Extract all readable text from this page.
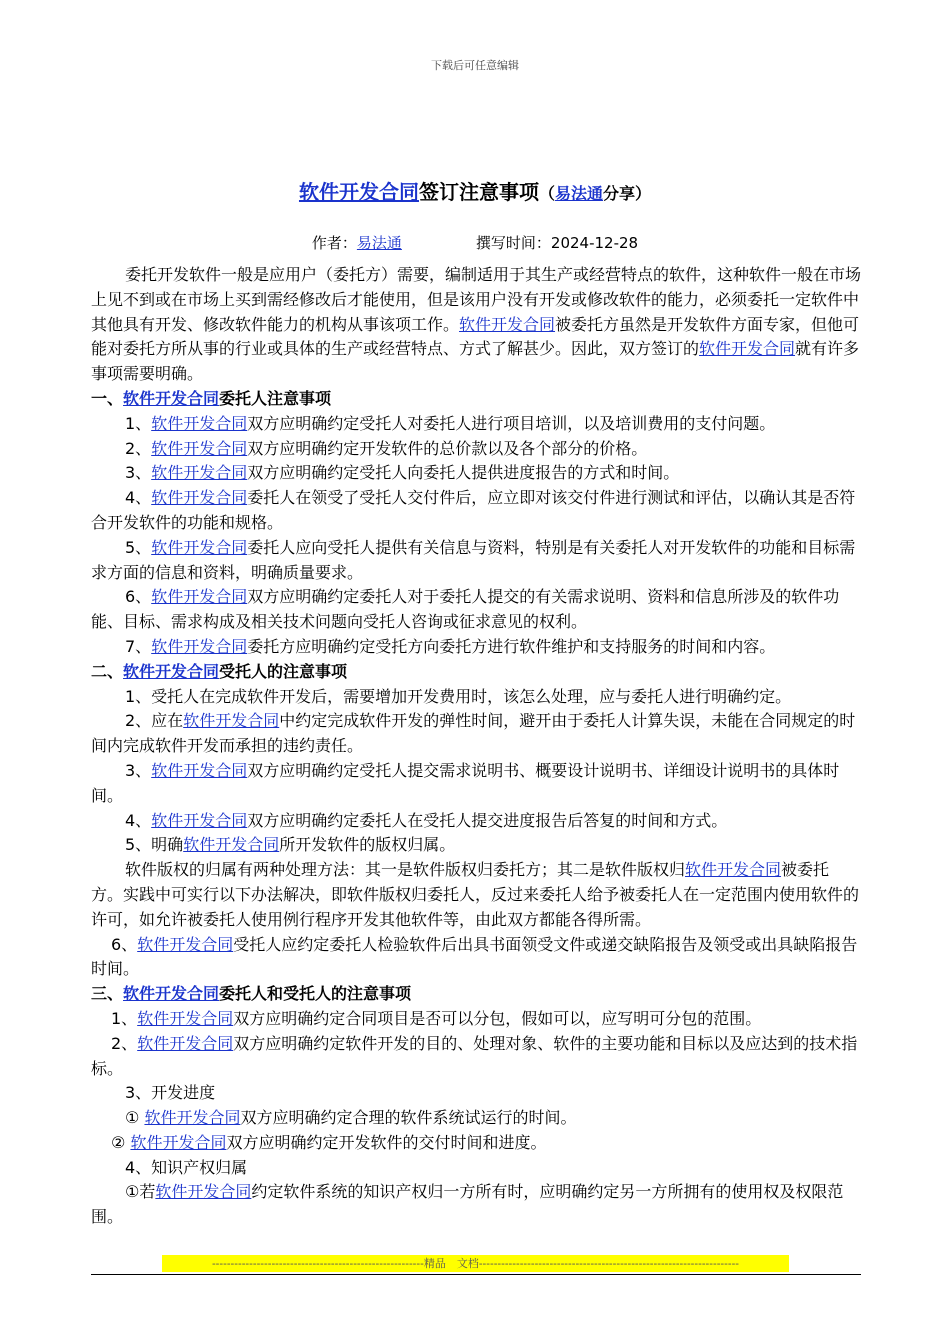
下载后可任意编辑
软件开发合同签订注意事项（易法通分享）
作者：易法通	撰写时间：2024-12-28

委托开发软件一般是应用户（委托方）需要，编制适用于其生产或经营特点的软件，这种软件一般在市场上见不到或在市场上买到需经修改后才能使用，但是该用户没有开发或修改软件的能力，必须委托一定软件中其他具有开发、修改软件能力的机构从事该项工作。软件开发合同被委托方虽然是开发软件方面专家，但他可能对委托方所从事的行业或具体的生产或经营特点、方式了解甚少。因此，双方签订的软件开发合同就有许多事项需要明确。

一、软件开发合同委托人注意事项

1、软件开发合同双方应明确约定受托人对委托人进行项目培训，以及培训费用的支付问题。

2、软件开发合同双方应明确约定开发软件的总价款以及各个部分的价格。

3、软件开发合同双方应明确约定受托人向委托人提供进度报告的方式和时间。

4、软件开发合同委托人在领受了受托人交付件后，应立即对该交付件进行测试和评估，以确认其是否符合开发软件的功能和规格。

5、软件开发合同委托人应向受托人提供有关信息与资料，特别是有关委托人对开发软件的功能和目标需求方面的信息和资料，明确质量要求。

6、软件开发合同双方应明确约定委托人对于委托人提交的有关需求说明、资料和信息所涉及的软件功能、目标、需求构成及相关技术问题向受托人咨询或征求意见的权利。

7、软件开发合同委托方应明确约定受托方向委托方进行软件维护和支持服务的时间和内容。

二、软件开发合同受托人的注意事项

1、受托人在完成软件开发后，需要增加开发费用时，该怎么处理，应与委托人进行明确约定。

2、应在软件开发合同中约定完成软件开发的弹性时间，避开由于委托人计算失误，未能在合同规定的时间内完成软件开发而承担的违约责任。

3、软件开发合同双方应明确约定受托人提交需求说明书、概要设计说明书、详细设计说明书的具体时间。

4、软件开发合同双方应明确约定委托人在受托人提交进度报告后答复的时间和方式。

5、明确软件开发合同所开发软件的版权归属。

软件版权的归属有两种处理方法：其一是软件版权归委托方；其二是软件版权归软件开发合同被委托方。实践中可实行以下办法解决，即软件版权归委托人，反过来委托人给予被委托人在一定范围内使用软件的许可，如允许被委托人使用例行程序开发其他软件等，由此双方都能各得所需。

6、软件开发合同受托人应约定委托人检验软件后出具书面领受文件或递交缺陷报告及领受或出具缺陷报告时间。

三、软件开发合同委托人和受托人的注意事项

1、软件开发合同双方应明确约定合同项目是否可以分包，假如可以，应写明可分包的范围。

2、软件开发合同双方应明确约定软件开发的目的、处理对象、软件的主要功能和目标以及应达到的技术指标。

3、开发进度

① 软件开发合同双方应明确约定合理的软件系统试运行的时间。

② 软件开发合同双方应明确约定开发软件的交付时间和进度。

4、知识产权归属

①若软件开发合同约定软件系统的知识产权归一方所有时，应明确约定另一方所拥有的使用权及权限范围。

---------------------------------------------------------精品　文档----------------------------------------------------------------------
